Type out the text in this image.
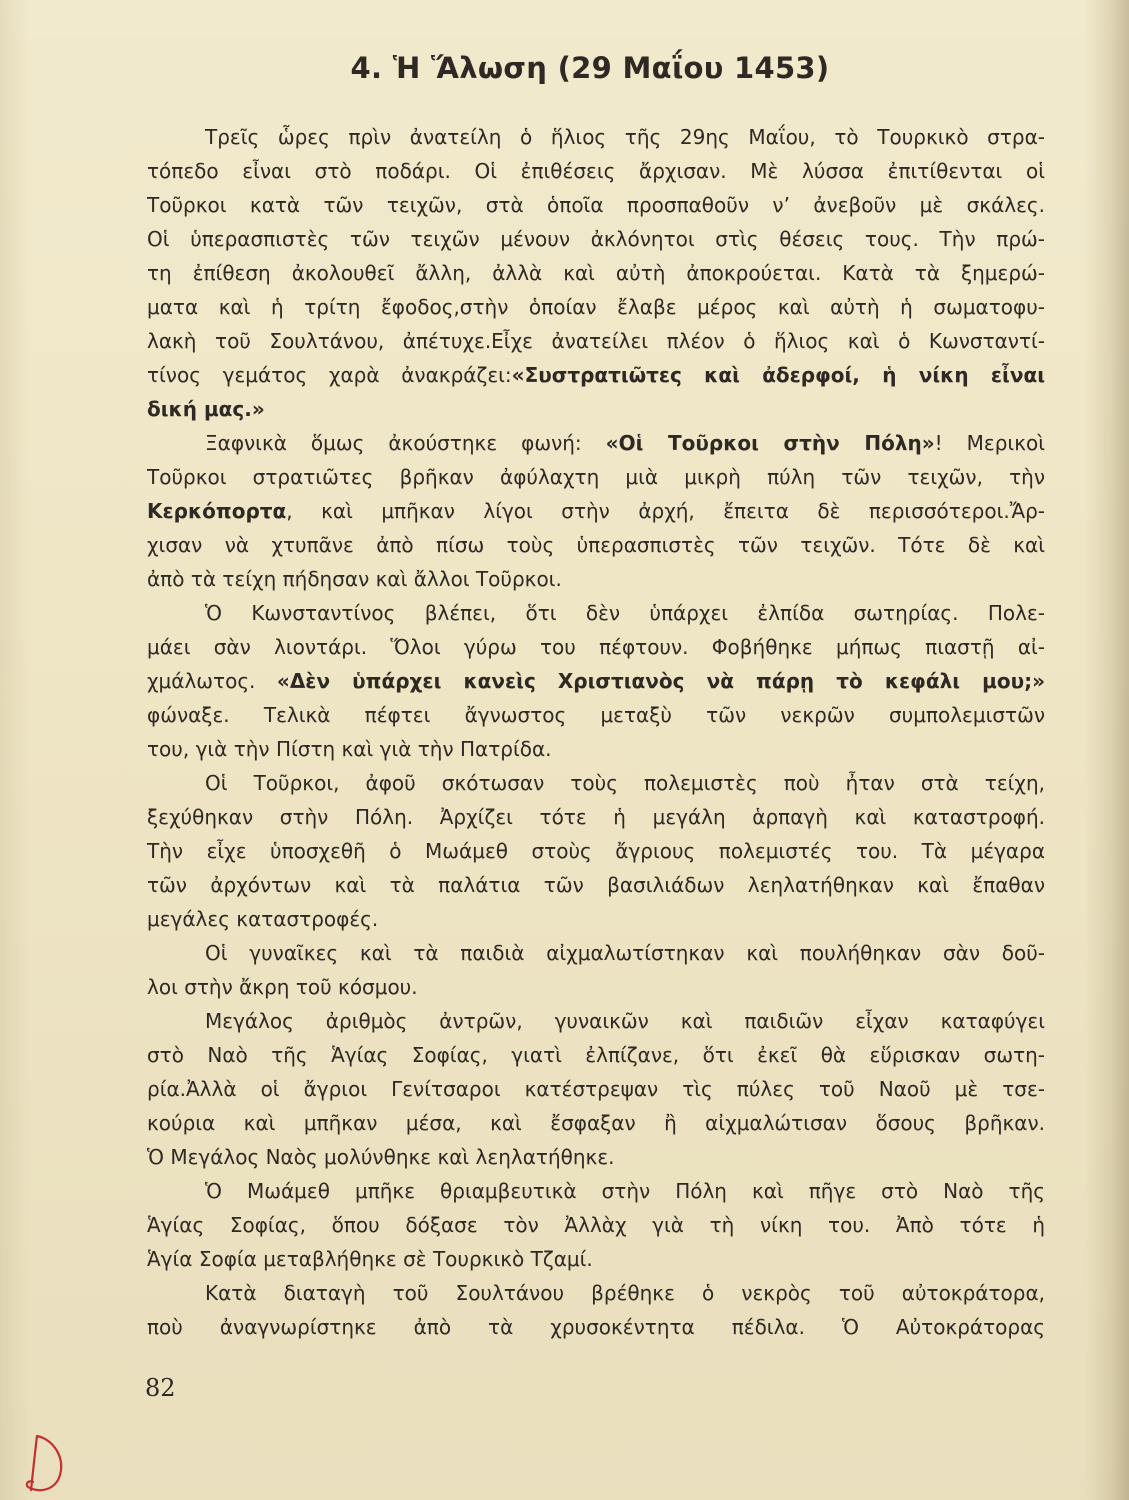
4. Ἡ Ἅλωση (29 Μαΐου 1453)
Τρεῖς ὧρες πρὶν ἀνατείλη ὁ ἥλιος τῆς 29ης Μαΐου, τὸ Τουρκικὸ στρα-
τόπεδο εἶναι στὸ ποδάρι. Οἱ ἐπιθέσεις ἄρχισαν. Μὲ λύσσα ἐπιτίθενται οἱ
Τοῦρκοι κατὰ τῶν τειχῶν, στὰ ὁποῖα προσπαθοῦν ν’ ἀνεβοῦν μὲ σκάλες.
Οἱ ὑπερασπιστὲς τῶν τειχῶν μένουν ἀκλόνητοι στὶς θέσεις τους. Τὴν πρώ-
τη ἐπίθεση ἀκολουθεῖ ἄλλη, ἀλλὰ καὶ αὐτὴ ἀποκρούεται. Κατὰ τὰ ξημερώ-
ματα καὶ ἡ τρίτη ἔφοδος,στὴν ὁποίαν ἔλαβε μέρος καὶ αὐτὴ ἡ σωματοφυ-
λακὴ τοῦ Σουλτάνου, ἀπέτυχε.Εἶχε ἀνατείλει πλέον ὁ ἥλιος καὶ ὁ Κωνσταντί-
τίνος γεμάτος χαρὰ ἀνακράζει:«Συστρατιῶτες καὶ ἀδερφοί, ἡ νίκη εἶναι
δική μας.»
Ξαφνικὰ ὅμως ἀκούστηκε φωνή: «Οἱ Τοῦρκοι στὴν Πόλη»! Μερικοὶ
Τοῦρκοι στρατιῶτες βρῆκαν ἀφύλαχτη μιὰ μικρὴ πύλη τῶν τειχῶν, τὴν
Κερκόπορτα, καὶ μπῆκαν λίγοι στὴν ἀρχή, ἔπειτα δὲ περισσότεροι.Ἄρ-
χισαν νὰ χτυπᾶνε ἀπὸ πίσω τοὺς ὑπερασπιστὲς τῶν τειχῶν. Τότε δὲ καὶ
ἀπὸ τὰ τείχη πήδησαν καὶ ἄλλοι Τοῦρκοι.
Ὁ Κωνσταντίνος βλέπει, ὅτι δὲν ὑπάρχει ἐλπίδα σωτηρίας. Πολε-
μάει σὰν λιοντάρι. Ὅλοι γύρω του πέφτουν. Φοβήθηκε μήπως πιαστῇ αἰ-
χμάλωτος. «Δὲν ὑπάρχει κανεὶς Χριστιανὸς νὰ πάρῃ τὸ κεφάλι μου;»
φώναξε. Τελικὰ πέφτει ἄγνωστος μεταξὺ τῶν νεκρῶν συμπολεμιστῶν
του, γιὰ τὴν Πίστη καὶ γιὰ τὴν Πατρίδα.
Οἱ Τοῦρκοι, ἀφοῦ σκότωσαν τοὺς πολεμιστὲς ποὺ ἦταν στὰ τείχη,
ξεχύθηκαν στὴν Πόλη. Ἀρχίζει τότε ἡ μεγάλη ἁρπαγὴ καὶ καταστροφή.
Τὴν εἶχε ὑποσχεθῆ ὁ Μωάμεθ στοὺς ἄγριους πολεμιστές του. Τὰ μέγαρα
τῶν ἀρχόντων καὶ τὰ παλάτια τῶν βασιλιάδων λεηλατήθηκαν καὶ ἔπαθαν
μεγάλες καταστροφές.
Οἱ γυναῖκες καὶ τὰ παιδιὰ αἰχμαλωτίστηκαν καὶ πουλήθηκαν σὰν δοῦ-
λοι στὴν ἄκρη τοῦ κόσμου.
Μεγάλος ἀριθμὸς ἀντρῶν, γυναικῶν καὶ παιδιῶν εἶχαν καταφύγει
στὸ Ναὸ τῆς Ἁγίας Σοφίας, γιατὶ ἐλπίζανε, ὅτι ἐκεῖ θὰ εὕρισκαν σωτη-
ρία.Ἀλλὰ οἱ ἄγριοι Γενίτσαροι κατέστρεψαν τὶς πύλες τοῦ Ναοῦ μὲ τσε-
κούρια καὶ μπῆκαν μέσα, καὶ ἔσφαξαν ἢ αἰχμαλώτισαν ὅσους βρῆκαν.
Ὁ Μεγάλος Ναὸς μολύνθηκε καὶ λεηλατήθηκε.
Ὁ Μωάμεθ μπῆκε θριαμβευτικὰ στὴν Πόλη καὶ πῆγε στὸ Ναὸ τῆς
Ἁγίας Σοφίας, ὅπου δόξασε τὸν Ἀλλὰχ γιὰ τὴ νίκη του. Ἀπὸ τότε ἡ
Ἁγία Σοφία μεταβλήθηκε σὲ Τουρκικὸ Τζαμί.
Κατὰ διαταγὴ τοῦ Σουλτάνου βρέθηκε ὁ νεκρὸς τοῦ αὐτοκράτορα,
ποὺ ἀναγνωρίστηκε ἀπὸ τὰ χρυσοκέντητα πέδιλα. Ὁ Αὐτοκράτορας
82
